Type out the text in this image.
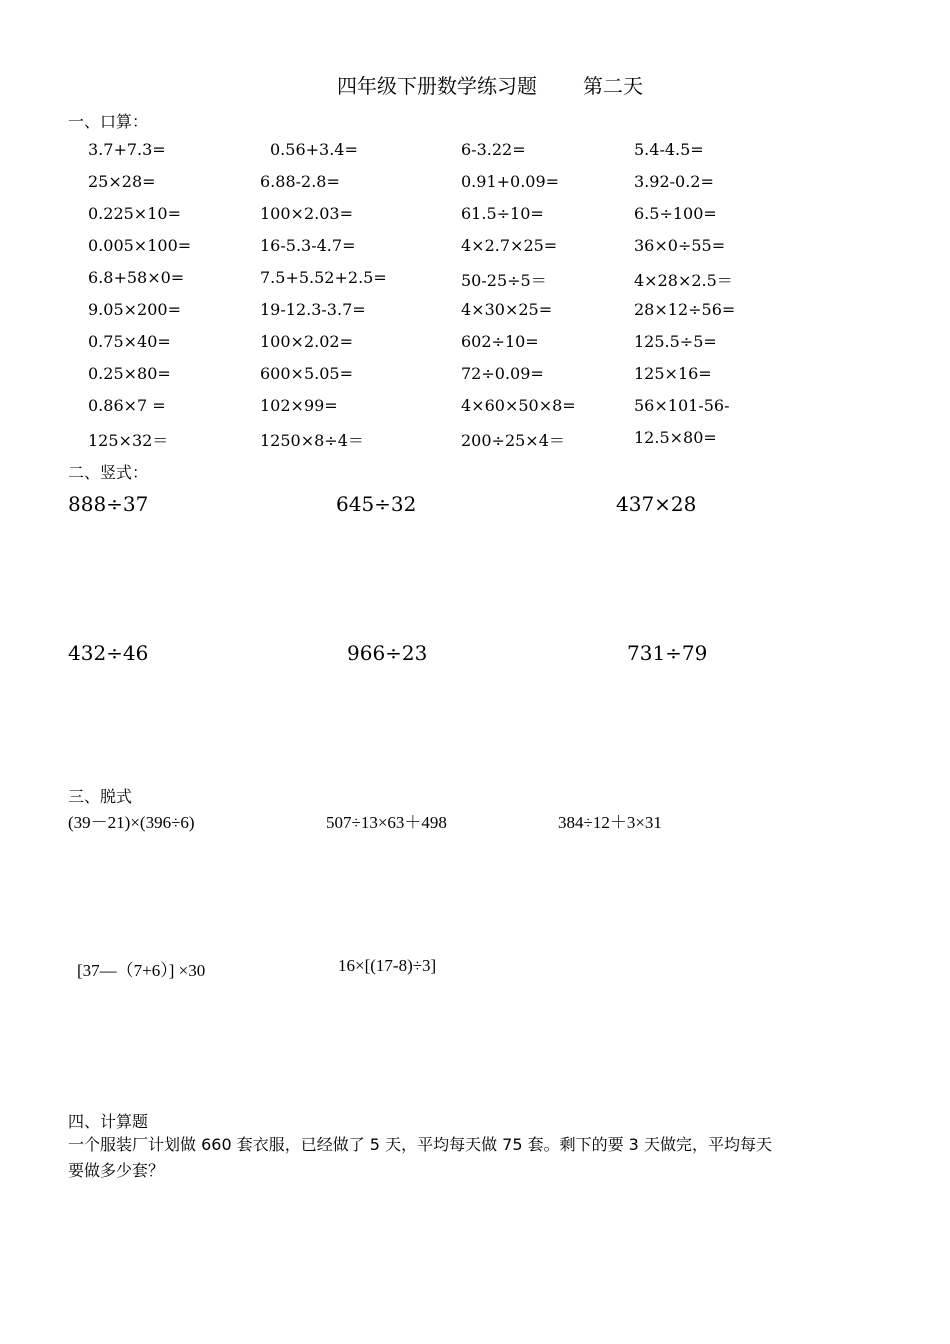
四年级下册数学练习题 第二天
一、口算：
3.7+7.3=	0.56+3.4=	6-3.22=	5.4-4.5=
25×28=	6.88-2.8=	0.91+0.09=	3.92-0.2=
0.225×10=	100×2.03=	61.5÷10=	6.5÷100=
0.005×100=	16-5.3-4.7=	4×2.7×25=	36×0÷55=
6.8+58×0=	7.5+5.52+2.5=	50-25÷5＝	4×28×2.5＝
9.05×200=	19-12.3-3.7=	4×30×25=	28×12÷56=
0.75×40=	100×2.02=	602÷10=	125.5÷5=
0.25×80=	600×5.05=	72÷0.09=	125×16=
0.86×7 =	102×99=	4×60×50×8=	56×101-56-
125×32＝	1250×8÷4＝	200÷25×4＝	12.5×80=
二、竖式：
888÷37	645÷32	437×28
432÷46	966÷23	731÷79
三、脱式
(39－21)×(396÷6)	507÷13×63＋498	384÷12＋3×31
[37—（7+6）] ×30	16×[(17-8)÷3]
四、计算题
一个服装厂计划做 660 套衣服，已经做了 5 天，平均每天做 75 套。剩下的要 3 天做完，平均每天
要做多少套？
